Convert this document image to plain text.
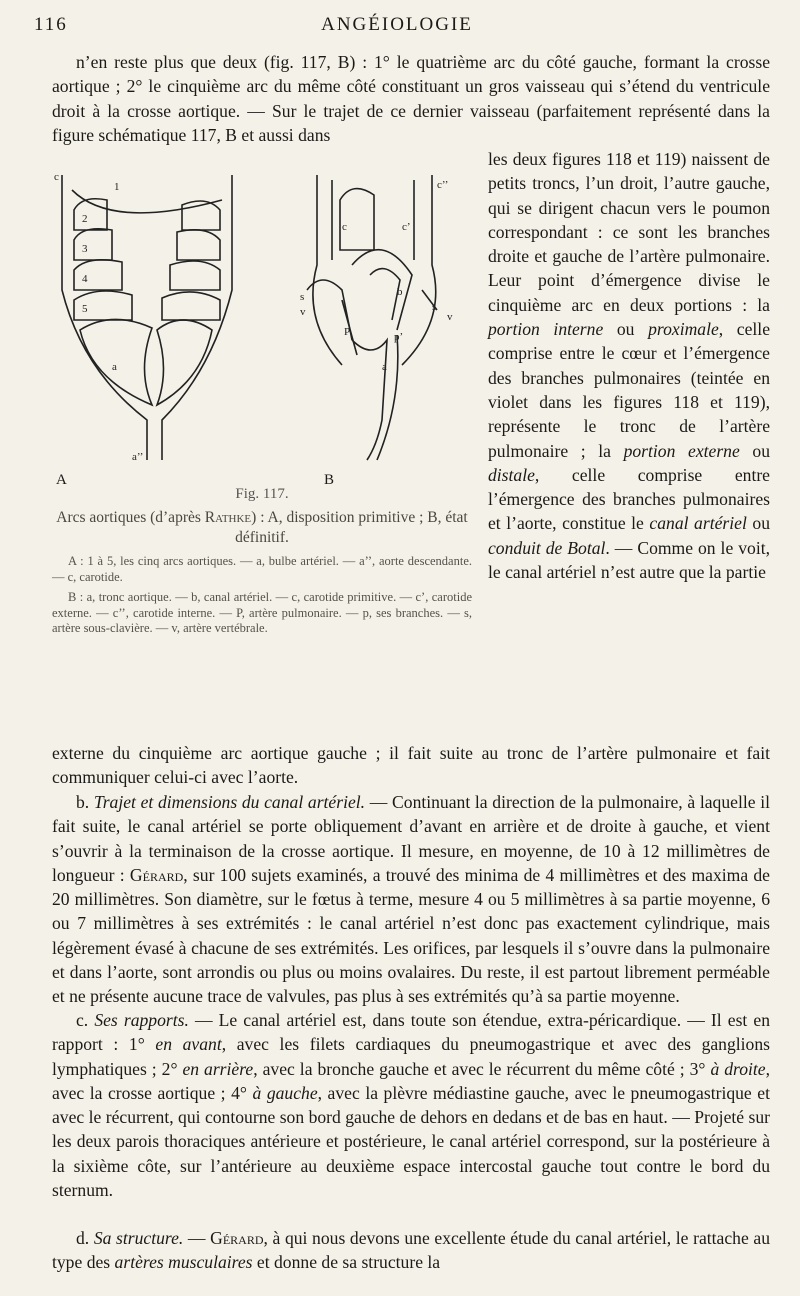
116	ANGÉIOLOGIE

n’en reste plus que deux (fig. 117, B) : 1° le quatrième arc du côté gauche, formant la crosse aortique ; 2° le cinquième arc du même côté constituant un gros vaisseau qui s’étend du ventricule droit à la crosse aortique. — Sur le trajet de ce dernier vaisseau (parfaitement représenté dans la figure schématique 117, B et aussi dans

c
1
2
3
4
5
a
a’’
c’’
c	c’
b
s
v
P	p’
a
s
v
A	B
Fig. 117.
Arcs aortiques (d’après Rathke) : A, disposition primitive ; B, état définitif.

A : 1 à 5, les cinq arcs aortiques. — a, bulbe artériel. — a’’, aorte descendante. — c, carotide.

B : a, tronc aortique. — b, canal artériel. — c, carotide primitive. — c’, carotide externe. — c’’, carotide interne. — P, artère pulmonaire. — p, ses branches. — s, artère sous-clavière. — v, artère vertébrale.

les deux figures 118 et 119) naissent de petits troncs, l’un droit, l’autre gauche, qui se dirigent chacun vers le poumon correspondant : ce sont les branches droite et gauche de l’artère pulmonaire. Leur point d’émergence divise le cinquième arc en deux portions : la portion interne ou proximale, celle comprise entre le cœur et l’émergence des branches pulmonaires (teintée en violet dans les figures 118 et 119), représente le tronc de l’artère pulmonaire ; la portion externe ou distale, celle comprise entre l’émergence des branches pulmonaires et l’aorte, constitue le canal artériel ou conduit de Botal. — Comme on le voit, le canal artériel n’est autre que la partie

externe du cinquième arc aortique gauche ; il fait suite au tronc de l’artère pulmonaire et fait communiquer celui-ci avec l’aorte.

b. Trajet et dimensions du canal artériel. — Continuant la direction de la pulmonaire, à laquelle il fait suite, le canal artériel se porte obliquement d’avant en arrière et de droite à gauche, et vient s’ouvrir à la terminaison de la crosse aortique. Il mesure, en moyenne, de 10 à 12 millimètres de longueur : Gérard, sur 100 sujets examinés, a trouvé des minima de 4 millimètres et des maxima de 20 millimètres. Son diamètre, sur le fœtus à terme, mesure 4 ou 5 millimètres à sa partie moyenne, 6 ou 7 millimètres à ses extrémités : le canal artériel n’est donc pas exactement cylindrique, mais légèrement évasé à chacune de ses extrémités. Les orifices, par lesquels il s’ouvre dans la pulmonaire et dans l’aorte, sont arrondis ou plus ou moins ovalaires. Du reste, il est partout librement perméable et ne présente aucune trace de valvules, pas plus à ses extrémités qu’à sa partie moyenne.

c. Ses rapports. — Le canal artériel est, dans toute son étendue, extra-péricardique. — Il est en rapport : 1° en avant, avec les filets cardiaques du pneumogastrique et avec des ganglions lymphatiques ; 2° en arrière, avec la bronche gauche et avec le récurrent du même côté ; 3° à droite, avec la crosse aortique ; 4° à gauche, avec la plèvre médiastine gauche, avec le pneumogastrique et avec le récurrent, qui contourne son bord gauche de dehors en dedans et de bas en haut. — Projeté sur les deux parois thoraciques antérieure et postérieure, le canal artériel correspond, sur la postérieure à la sixième côte, sur l’antérieure au deuxième espace intercostal gauche tout contre le bord du sternum.

d. Sa structure. — Gérard, à qui nous devons une excellente étude du canal artériel, le rattache au type des artères musculaires et donne de sa structure la
